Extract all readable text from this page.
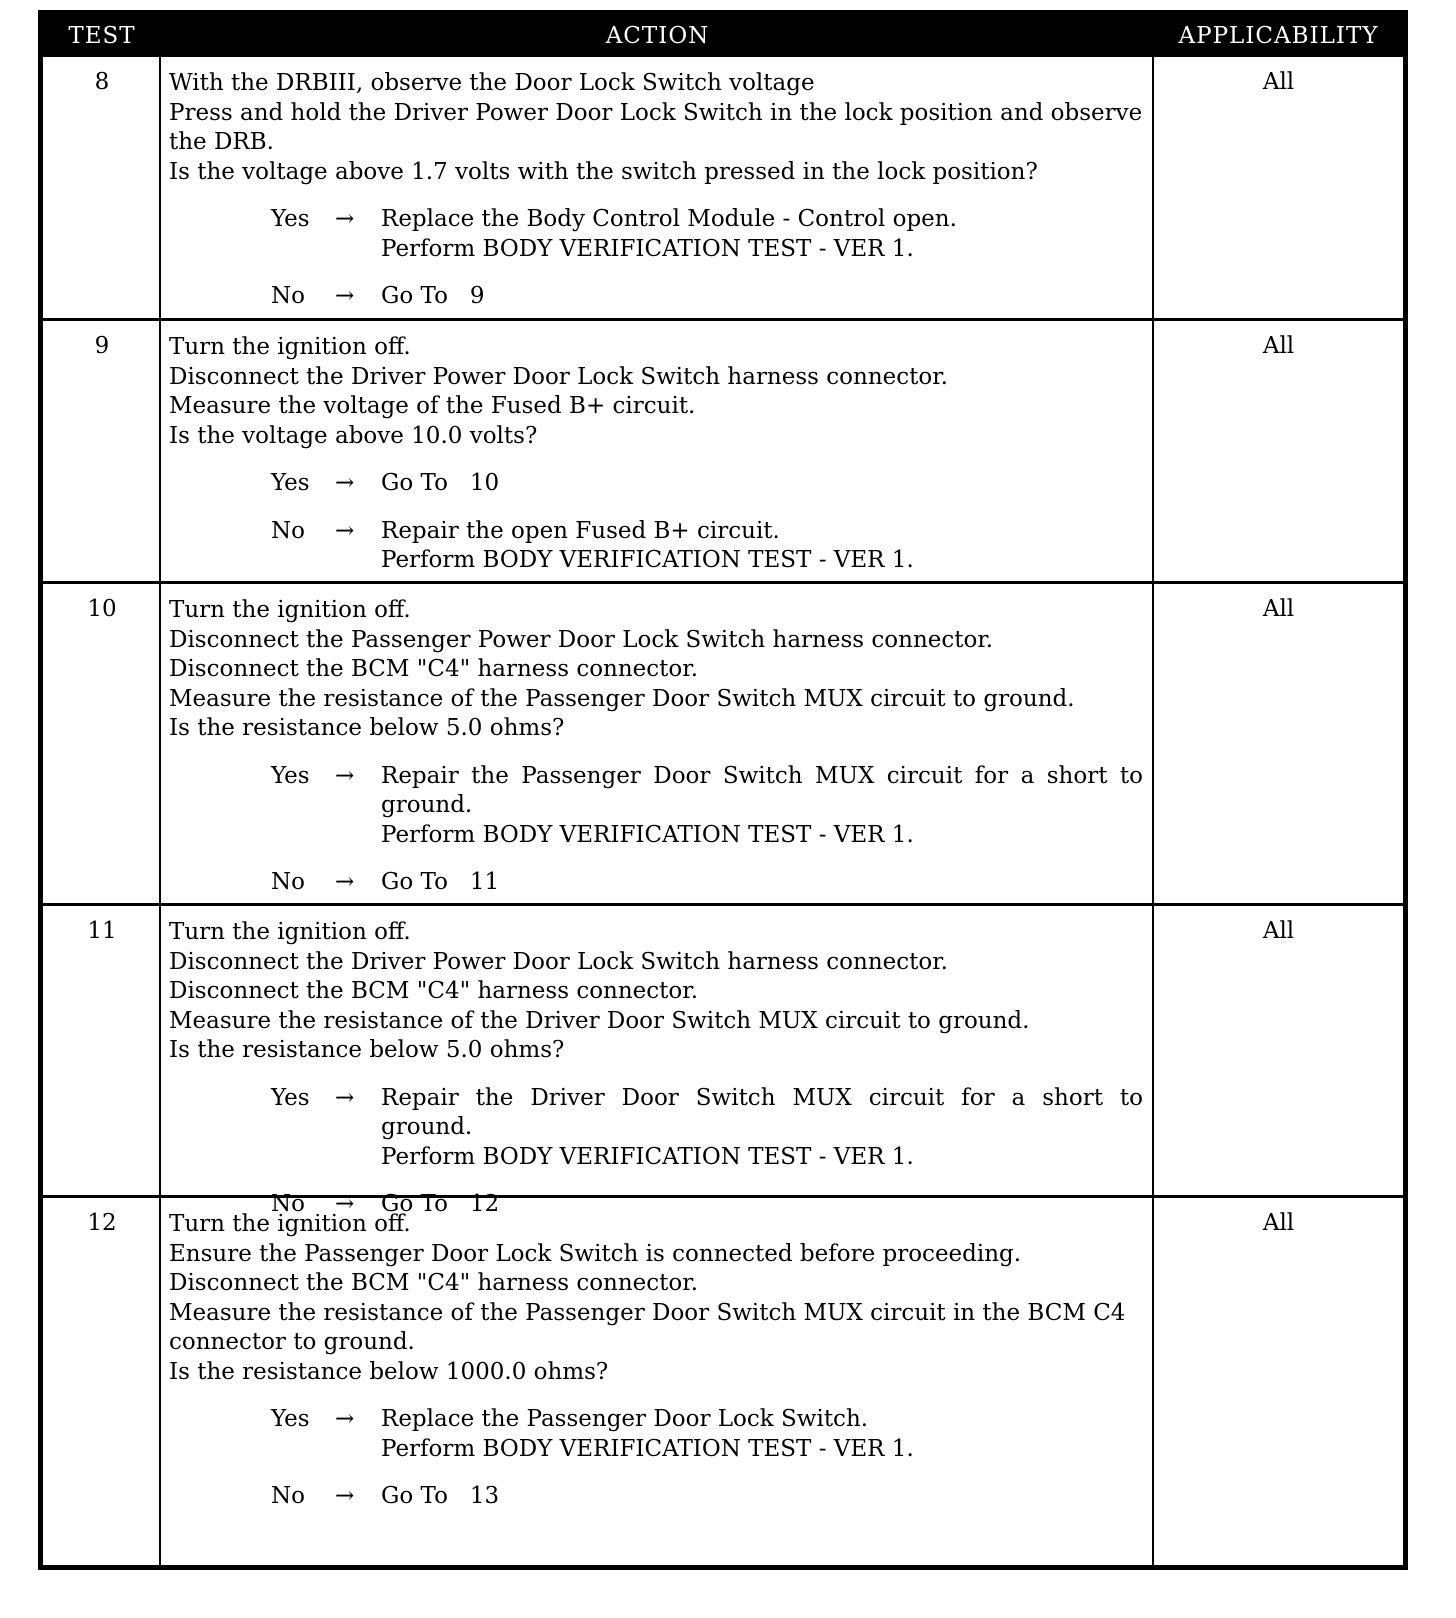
TEST	ACTION	APPLICABILITY
8	With the DRBIII, observe the Door Lock Switch voltage
Press and hold the Driver Power Door Lock Switch in the lock position and observe the DRB.
Is the voltage above 1.7 volts with the switch pressed in the lock position?
Yes → Replace the Body Control Module - Control open.
Perform BODY VERIFICATION TEST - VER 1.
No → Go To   9
All
9	Turn the ignition off.
Disconnect the Driver Power Door Lock Switch harness connector.
Measure the voltage of the Fused B+ circuit.
Is the voltage above 10.0 volts?
Yes → Go To   10
No → Repair the open Fused B+ circuit.
Perform BODY VERIFICATION TEST - VER 1.
All
10	Turn the ignition off.
Disconnect the Passenger Power Door Lock Switch harness connector.
Disconnect the BCM "C4" harness connector.
Measure the resistance of the Passenger Door Switch MUX circuit to ground.
Is the resistance below 5.0 ohms?
Yes → Repair the Passenger Door Switch MUX circuit for a short to ground.
Perform BODY VERIFICATION TEST - VER 1.
No → Go To   11
All
11	Turn the ignition off.
Disconnect the Driver Power Door Lock Switch harness connector.
Disconnect the BCM "C4" harness connector.
Measure the resistance of the Driver Door Switch MUX circuit to ground.
Is the resistance below 5.0 ohms?
Yes → Repair the Driver Door Switch MUX circuit for a short to ground.
Perform BODY VERIFICATION TEST - VER 1.
No → Go To   12
All
12	Turn the ignition off.
Ensure the Passenger Door Lock Switch is connected before proceeding.
Disconnect the BCM "C4" harness connector.
Measure the resistance of the Passenger Door Switch MUX circuit in the BCM C4 connector to ground.
Is the resistance below 1000.0 ohms?
Yes → Replace the Passenger Door Lock Switch.
Perform BODY VERIFICATION TEST - VER 1.
No → Go To   13
All
